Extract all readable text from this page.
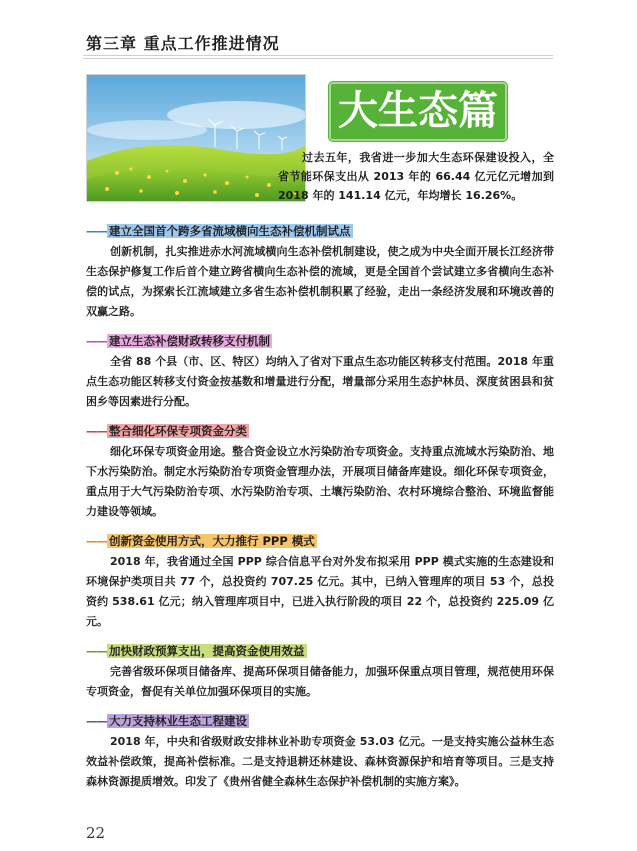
第三章 重点工作推进情况
大生态篇

过去五年，我省进一步加大生态环保建设投入，全省节能环保支出从 2013 年的 66.44 亿元亿元增加到 2018 年的 141.14 亿元，年均增长 16.26%。

—— 建立全国首个跨多省流域横向生态补偿机制试点
创新机制，扎实推进赤水河流域横向生态补偿机制建设，使之成为中央全面开展长江经济带生态保护修复工作后首个建立跨省横向生态补偿的流域，更是全国首个尝试建立多省横向生态补偿的试点，为探索长江流域建立多省生态补偿机制积累了经验，走出一条经济发展和环境改善的双赢之路。
—— 建立生态补偿财政转移支付机制
全省 88 个县（市、区、特区）均纳入了省对下重点生态功能区转移支付范围。2018 年重点生态功能区转移支付资金按基数和增量进行分配，增量部分采用生态护林员、深度贫困县和贫困乡等因素进行分配。
—— 整合细化环保专项资金分类
细化环保专项资金用途。整合资金设立水污染防治专项资金。支持重点流域水污染防治、地下水污染防治。制定水污染防治专项资金管理办法，开展项目储备库建设。细化环保专项资金，重点用于大气污染防治专项、水污染防治专项、土壤污染防治、农村环境综合整治、环境监督能力建设等领域。
—— 创新资金使用方式，大力推行 PPP 模式
2018 年，我省通过全国 PPP 综合信息平台对外发布拟采用 PPP 模式实施的生态建设和环境保护类项目共 77 个，总投资约 707.25 亿元。其中，已纳入管理库的项目 53 个，总投资约 538.61 亿元；纳入管理库项目中，已进入执行阶段的项目 22 个，总投资约 225.09 亿元。
—— 加快财政预算支出，提高资金使用效益
完善省级环保项目储备库、提高环保项目储备能力，加强环保重点项目管理，规范使用环保专项资金，督促有关单位加强环保项目的实施。
—— 大力支持林业生态工程建设
2018 年，中央和省级财政安排林业补助专项资金 53.03 亿元。一是支持实施公益林生态效益补偿政策，提高补偿标准。二是支持退耕还林建设、森林资源保护和培育等项目。三是支持森林资源提质增效。印发了《贵州省健全森林生态保护补偿机制的实施方案》。
22
